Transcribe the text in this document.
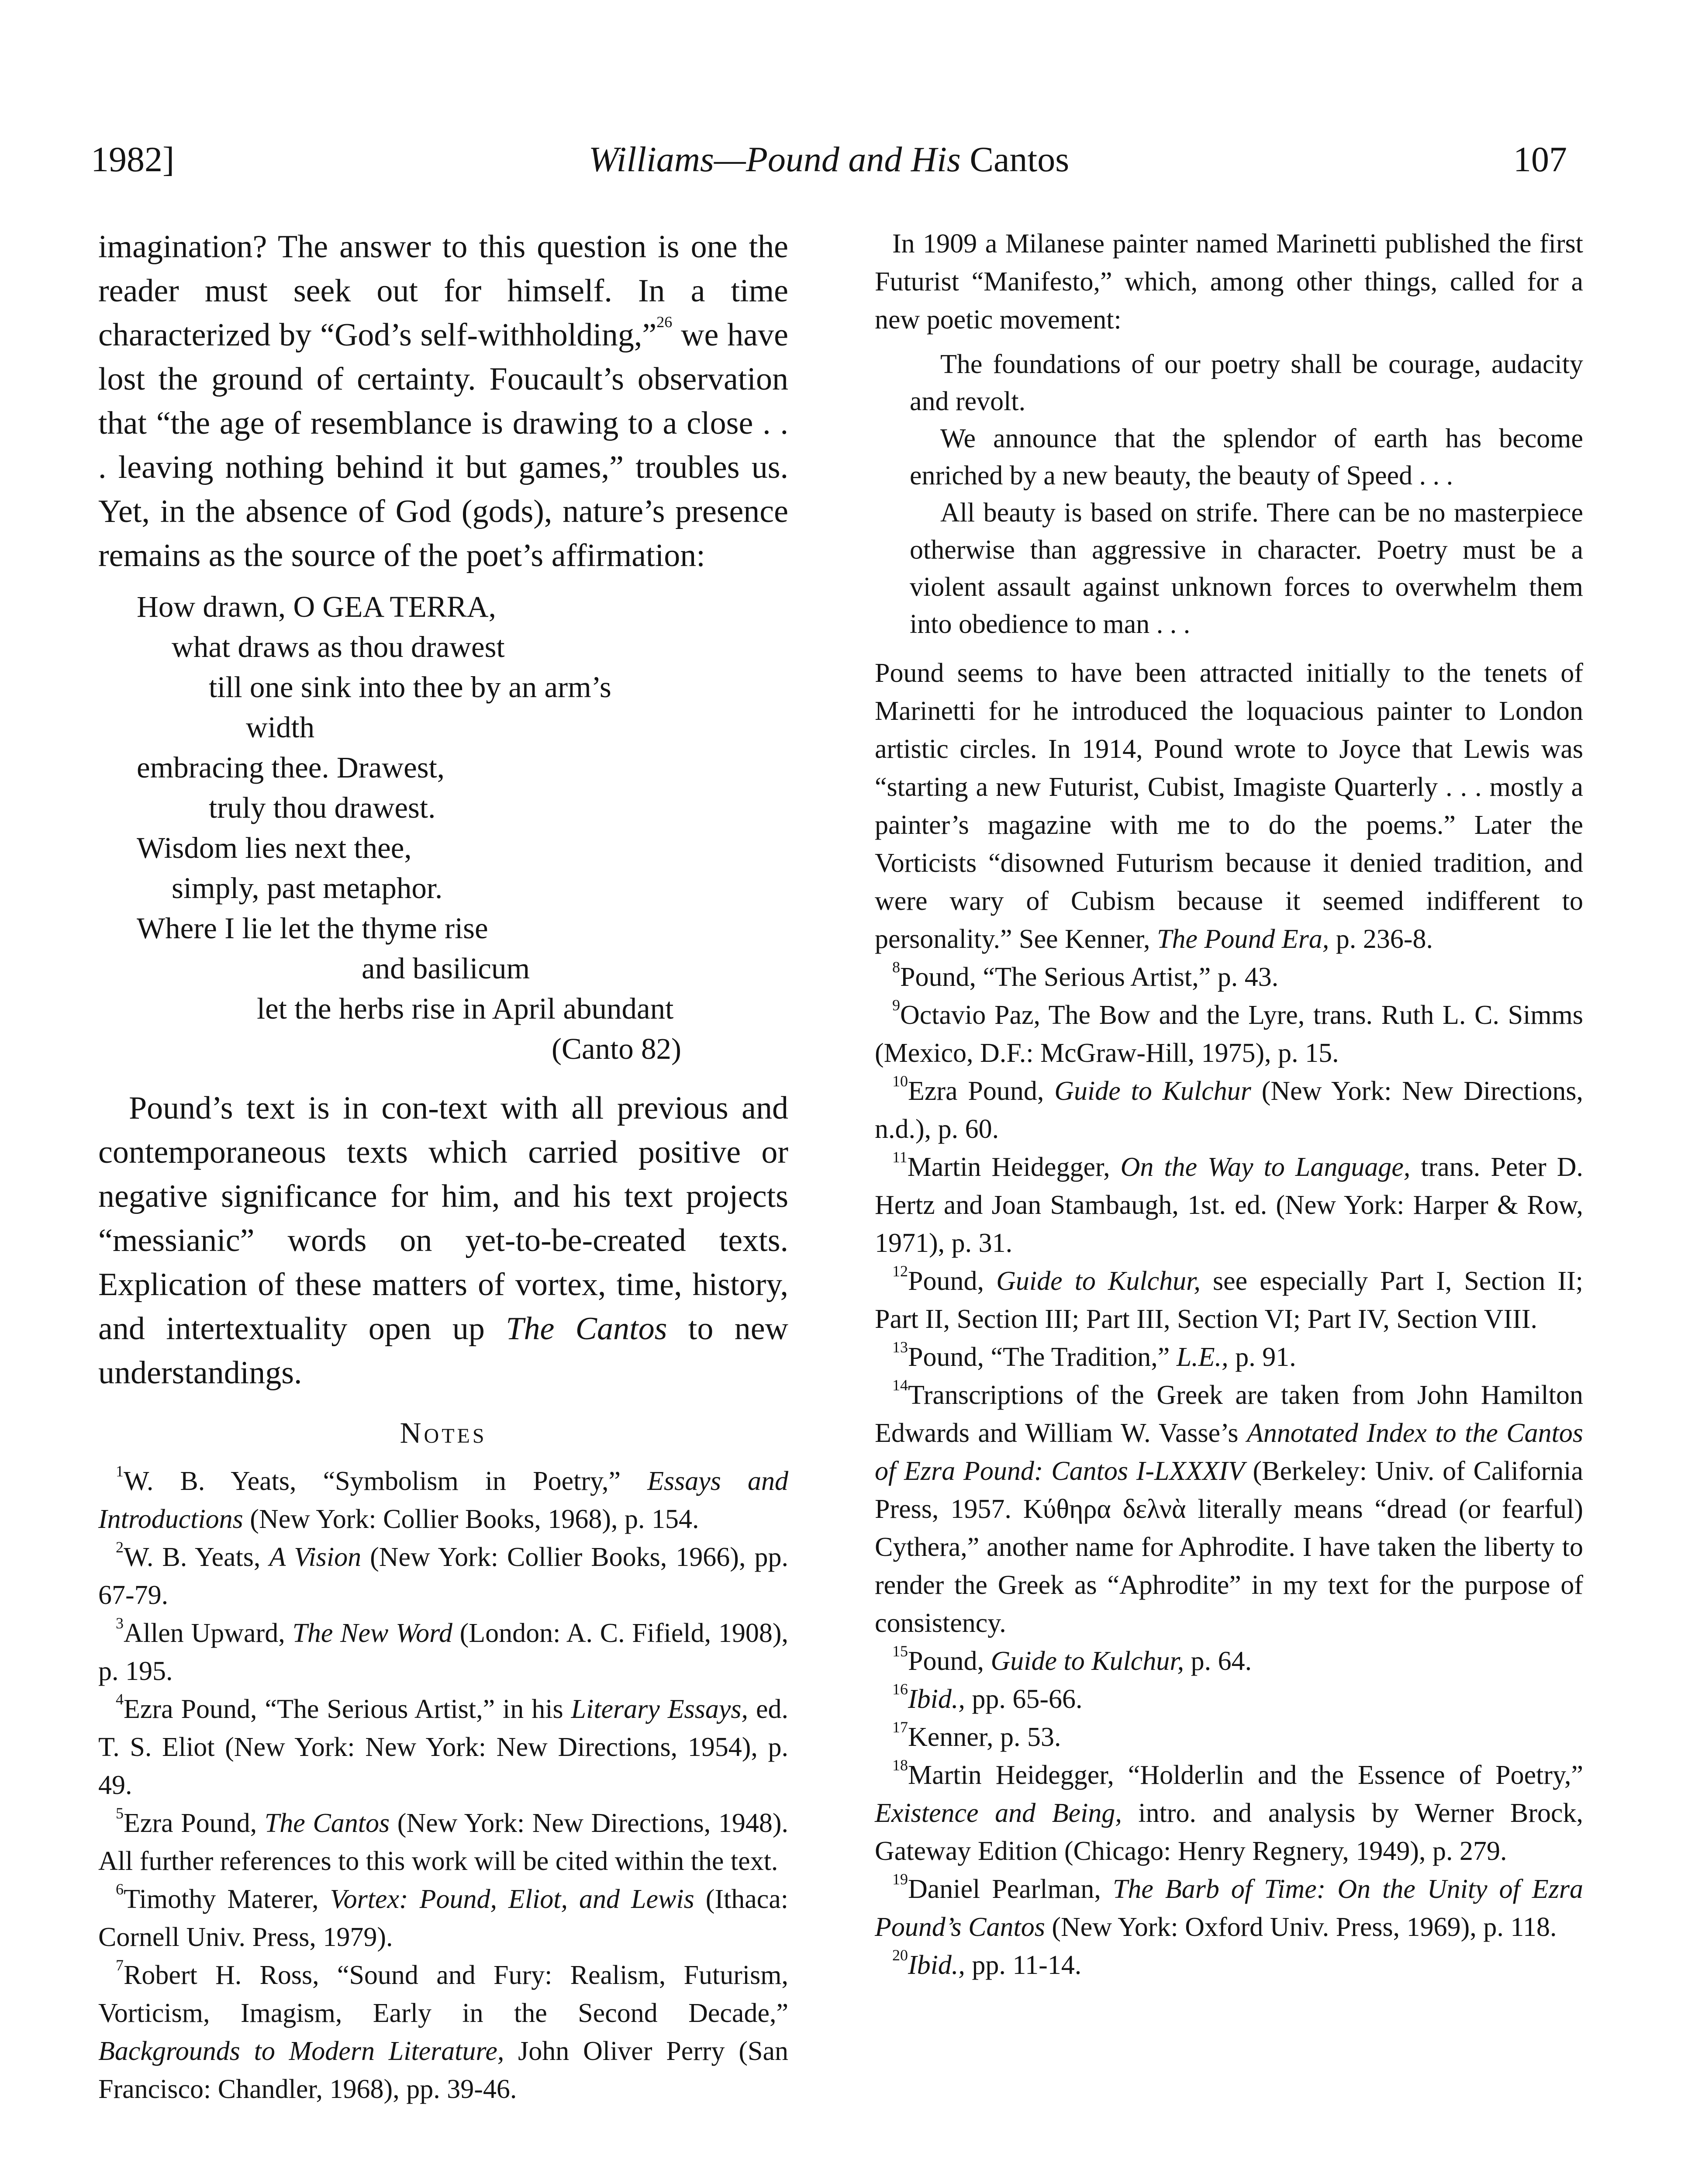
1982]	Williams—Pound and His Cantos	107

imagination? The answer to this question is one the reader must seek out for himself. In a time characterized by “God’s self-withholding,”$^{26}$ we have lost the ground of certainty. Foucault’s observation that “the age of resemblance is drawing to a close . . . leaving nothing behind it but games,” troubles us. Yet, in the absence of God (gods), nature’s presence remains as the source of the poet’s affirmation:

How drawn, O GEA TERRA,
what draws as thou drawest
till one sink into thee by an arm’s
width
embracing thee. Drawest,
truly thou drawest.
Wisdom lies next thee,
simply, past metaphor.
Where I lie let the thyme rise
and basilicum
let the herbs rise in April abundant
(Canto 82)

Pound’s text is in con-text with all previous and contemporaneous texts which carried positive or negative significance for him, and his text projects “messianic” words on yet-to-be-created texts. Explication of these matters of vortex, time, history, and intertextuality open up The Cantos to new understandings.

Notes

$^1$W. B. Yeats, “Symbolism in Poetry,” Essays and Introductions (New York: Collier Books, 1968), p. 154.

$^2$W. B. Yeats, A Vision (New York: Collier Books, 1966), pp. 67-79.

$^3$Allen Upward, The New Word (London: A. C. Fifield, 1908), p. 195.

$^4$Ezra Pound, “The Serious Artist,” in his Literary Essays, ed. T. S. Eliot (New York: New York: New Directions, 1954), p. 49.

$^5$Ezra Pound, The Cantos (New York: New Directions, 1948). All further references to this work will be cited within the text.

$^6$Timothy Materer, Vortex: Pound, Eliot, and Lewis (Ithaca: Cornell Univ. Press, 1979).

$^7$Robert H. Ross, “Sound and Fury: Realism, Futurism, Vorticism, Imagism, Early in the Second Decade,” Backgrounds to Modern Literature, John Oliver Perry (San Francisco: Chandler, 1968), pp. 39-46.

In 1909 a Milanese painter named Marinetti published the first Futurist “Manifesto,” which, among other things, called for a new poetic movement:

The foundations of our poetry shall be courage, audacity and revolt.

We announce that the splendor of earth has become enriched by a new beauty, the beauty of Speed . . .

All beauty is based on strife. There can be no masterpiece otherwise than aggressive in character. Poetry must be a violent assault against unknown forces to overwhelm them into obedience to man . . .

Pound seems to have been attracted initially to the tenets of Marinetti for he introduced the loquacious painter to London artistic circles. In 1914, Pound wrote to Joyce that Lewis was “starting a new Futurist, Cubist, Imagiste Quarterly . . . mostly a painter’s magazine with me to do the poems.” Later the Vorticists “disowned Futurism because it denied tradition, and were wary of Cubism because it seemed indifferent to personality.” See Kenner, The Pound Era, p. 236-8.

$^8$Pound, “The Serious Artist,” p. 43.

$^9$Octavio Paz, The Bow and the Lyre, trans. Ruth L. C. Simms (Mexico, D.F.: McGraw-Hill, 1975), p. 15.

$^{10}$Ezra Pound, Guide to Kulchur (New York: New Directions, n.d.), p. 60.

$^{11}$Martin Heidegger, On the Way to Language, trans. Peter D. Hertz and Joan Stambaugh, 1st. ed. (New York: Harper & Row, 1971), p. 31.

$^{12}$Pound, Guide to Kulchur, see especially Part I, Section II; Part II, Section III; Part III, Section VI; Part IV, Section VIII.

$^{13}$Pound, “The Tradition,” L.E., p. 91.

$^{14}$Transcriptions of the Greek are taken from John Hamilton Edwards and William W. Vasse’s Annotated Index to the Cantos of Ezra Pound: Cantos I-LXXXIV (Berkeley: Univ. of California Press, 1957. Κύθηρα δελνὰ literally means “dread (or fearful) Cythera,” another name for Aphrodite. I have taken the liberty to render the Greek as “Aphrodite” in my text for the purpose of consistency.

$^{15}$Pound, Guide to Kulchur, p. 64.

$^{16}$Ibid., pp. 65-66.

$^{17}$Kenner, p. 53.

$^{18}$Martin Heidegger, “Holderlin and the Essence of Poetry,” Existence and Being, intro. and analysis by Werner Brock, Gateway Edition (Chicago: Henry Regnery, 1949), p. 279.

$^{19}$Daniel Pearlman, The Barb of Time: On the Unity of Ezra Pound’s Cantos (New York: Oxford Univ. Press, 1969), p. 118.

$^{20}$Ibid., pp. 11-14.
